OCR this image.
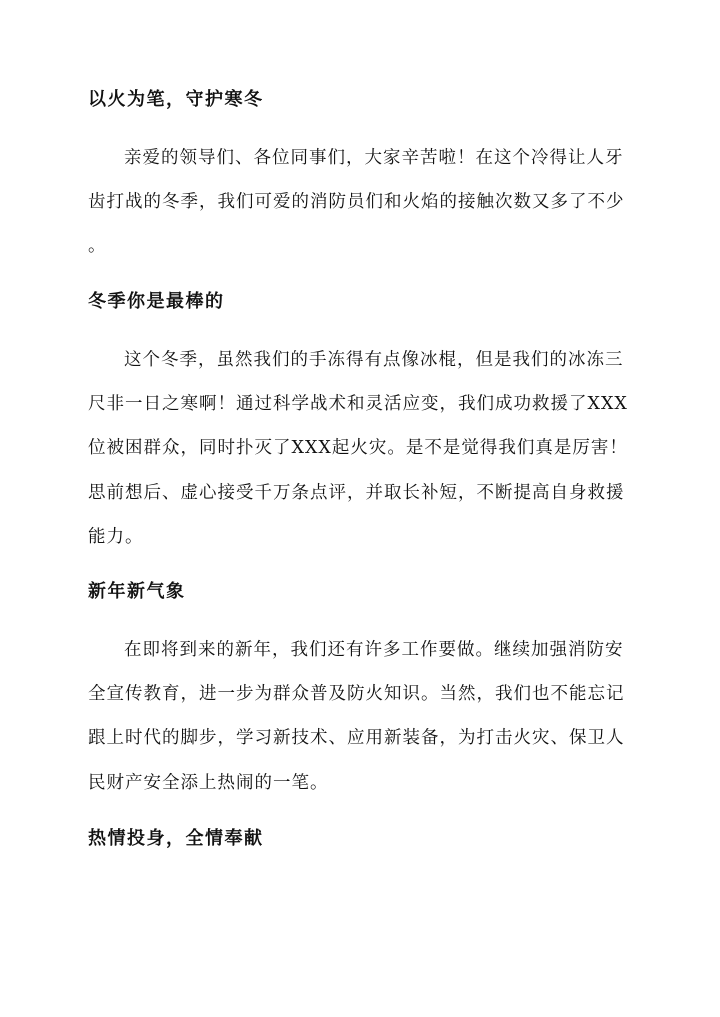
以火为笔，守护寒冬
亲爱的领导们、各位同事们，大家辛苦啦！在这个冷得让人牙
齿打战的冬季，我们可爱的消防员们和火焰的接触次数又多了不少
。
冬季你是最棒的
这个冬季，虽然我们的手冻得有点像冰棍，但是我们的冰冻三
尺非一日之寒啊！通过科学战术和灵活应变，我们成功救援了XXX
位被困群众，同时扑灭了XXX起火灾。是不是觉得我们真是厉害！
思前想后、虚心接受千万条点评，并取长补短，不断提高自身救援
能力。
新年新气象
在即将到来的新年，我们还有许多工作要做。继续加强消防安
全宣传教育，进一步为群众普及防火知识。当然，我们也不能忘记
跟上时代的脚步，学习新技术、应用新装备，为打击火灾、保卫人
民财产安全添上热闹的一笔。
热情投身，全情奉献
